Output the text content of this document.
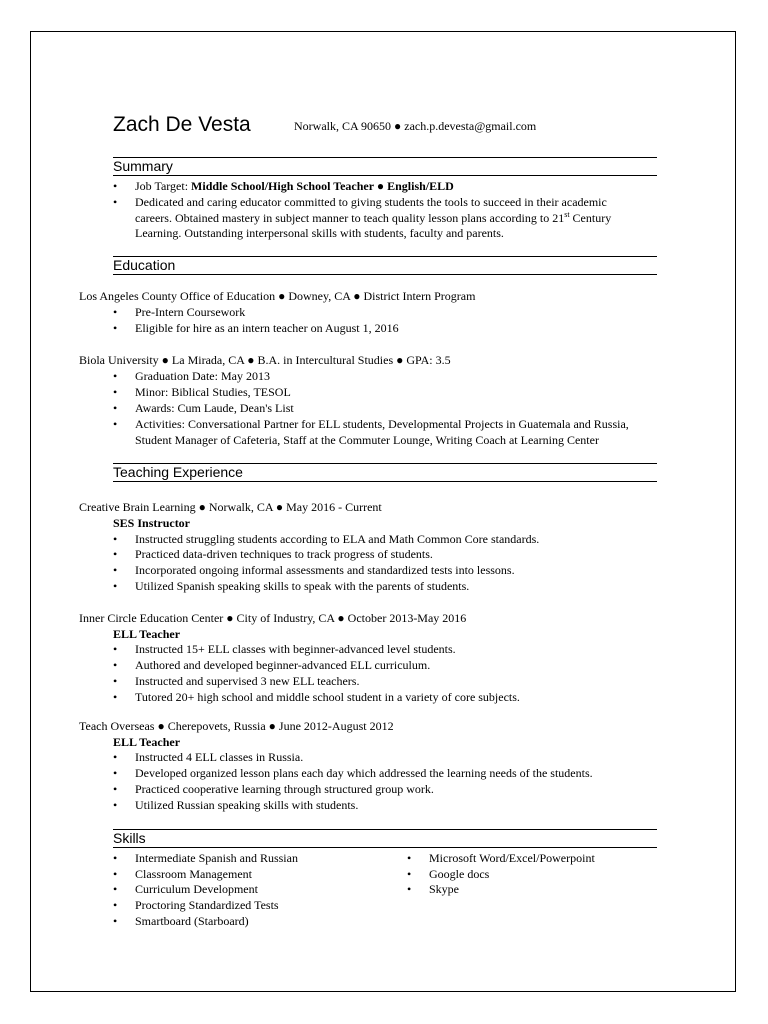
Zach De Vesta	Norwalk, CA 90650 ● zach.p.devesta@gmail.com
Summary
• Job Target: Middle School/High School Teacher ● English/ELD
• Dedicated and caring educator committed to giving students the tools to succeed in their academic
careers. Obtained mastery in subject manner to teach quality lesson plans according to 21st Century
Learning. Outstanding interpersonal skills with students, faculty and parents.
Education
Los Angeles County Office of Education ● Downey, CA ● District Intern Program
• Pre-Intern Coursework
• Eligible for hire as an intern teacher on August 1, 2016
Biola University ● La Mirada, CA ● B.A. in Intercultural Studies ● GPA: 3.5
• Graduation Date: May 2013
• Minor: Biblical Studies, TESOL
• Awards: Cum Laude, Dean's List
• Activities: Conversational Partner for ELL students, Developmental Projects in Guatemala and Russia,
Student Manager of Cafeteria, Staff at the Commuter Lounge, Writing Coach at Learning Center
Teaching Experience
Creative Brain Learning ● Norwalk, CA ● May 2016 - Current
SES Instructor
• Instructed struggling students according to ELA and Math Common Core standards.
• Practiced data-driven techniques to track progress of students.
• Incorporated ongoing informal assessments and standardized tests into lessons.
• Utilized Spanish speaking skills to speak with the parents of students.
Inner Circle Education Center ● City of Industry, CA ● October 2013-May 2016
ELL Teacher
• Instructed 15+ ELL classes with beginner-advanced level students.
• Authored and developed beginner-advanced ELL curriculum.
• Instructed and supervised 3 new ELL teachers.
• Tutored 20+ high school and middle school student in a variety of core subjects.
Teach Overseas ● Cherepovets, Russia ● June 2012-August 2012
ELL Teacher
• Instructed 4 ELL classes in Russia.
• Developed organized lesson plans each day which addressed the learning needs of the students.
• Practiced cooperative learning through structured group work.
• Utilized Russian speaking skills with students.
Skills
• Intermediate Spanish and Russian
• Classroom Management
• Curriculum Development
• Proctoring Standardized Tests
• Smartboard (Starboard)
• Microsoft Word/Excel/Powerpoint
• Google docs
• Skype
